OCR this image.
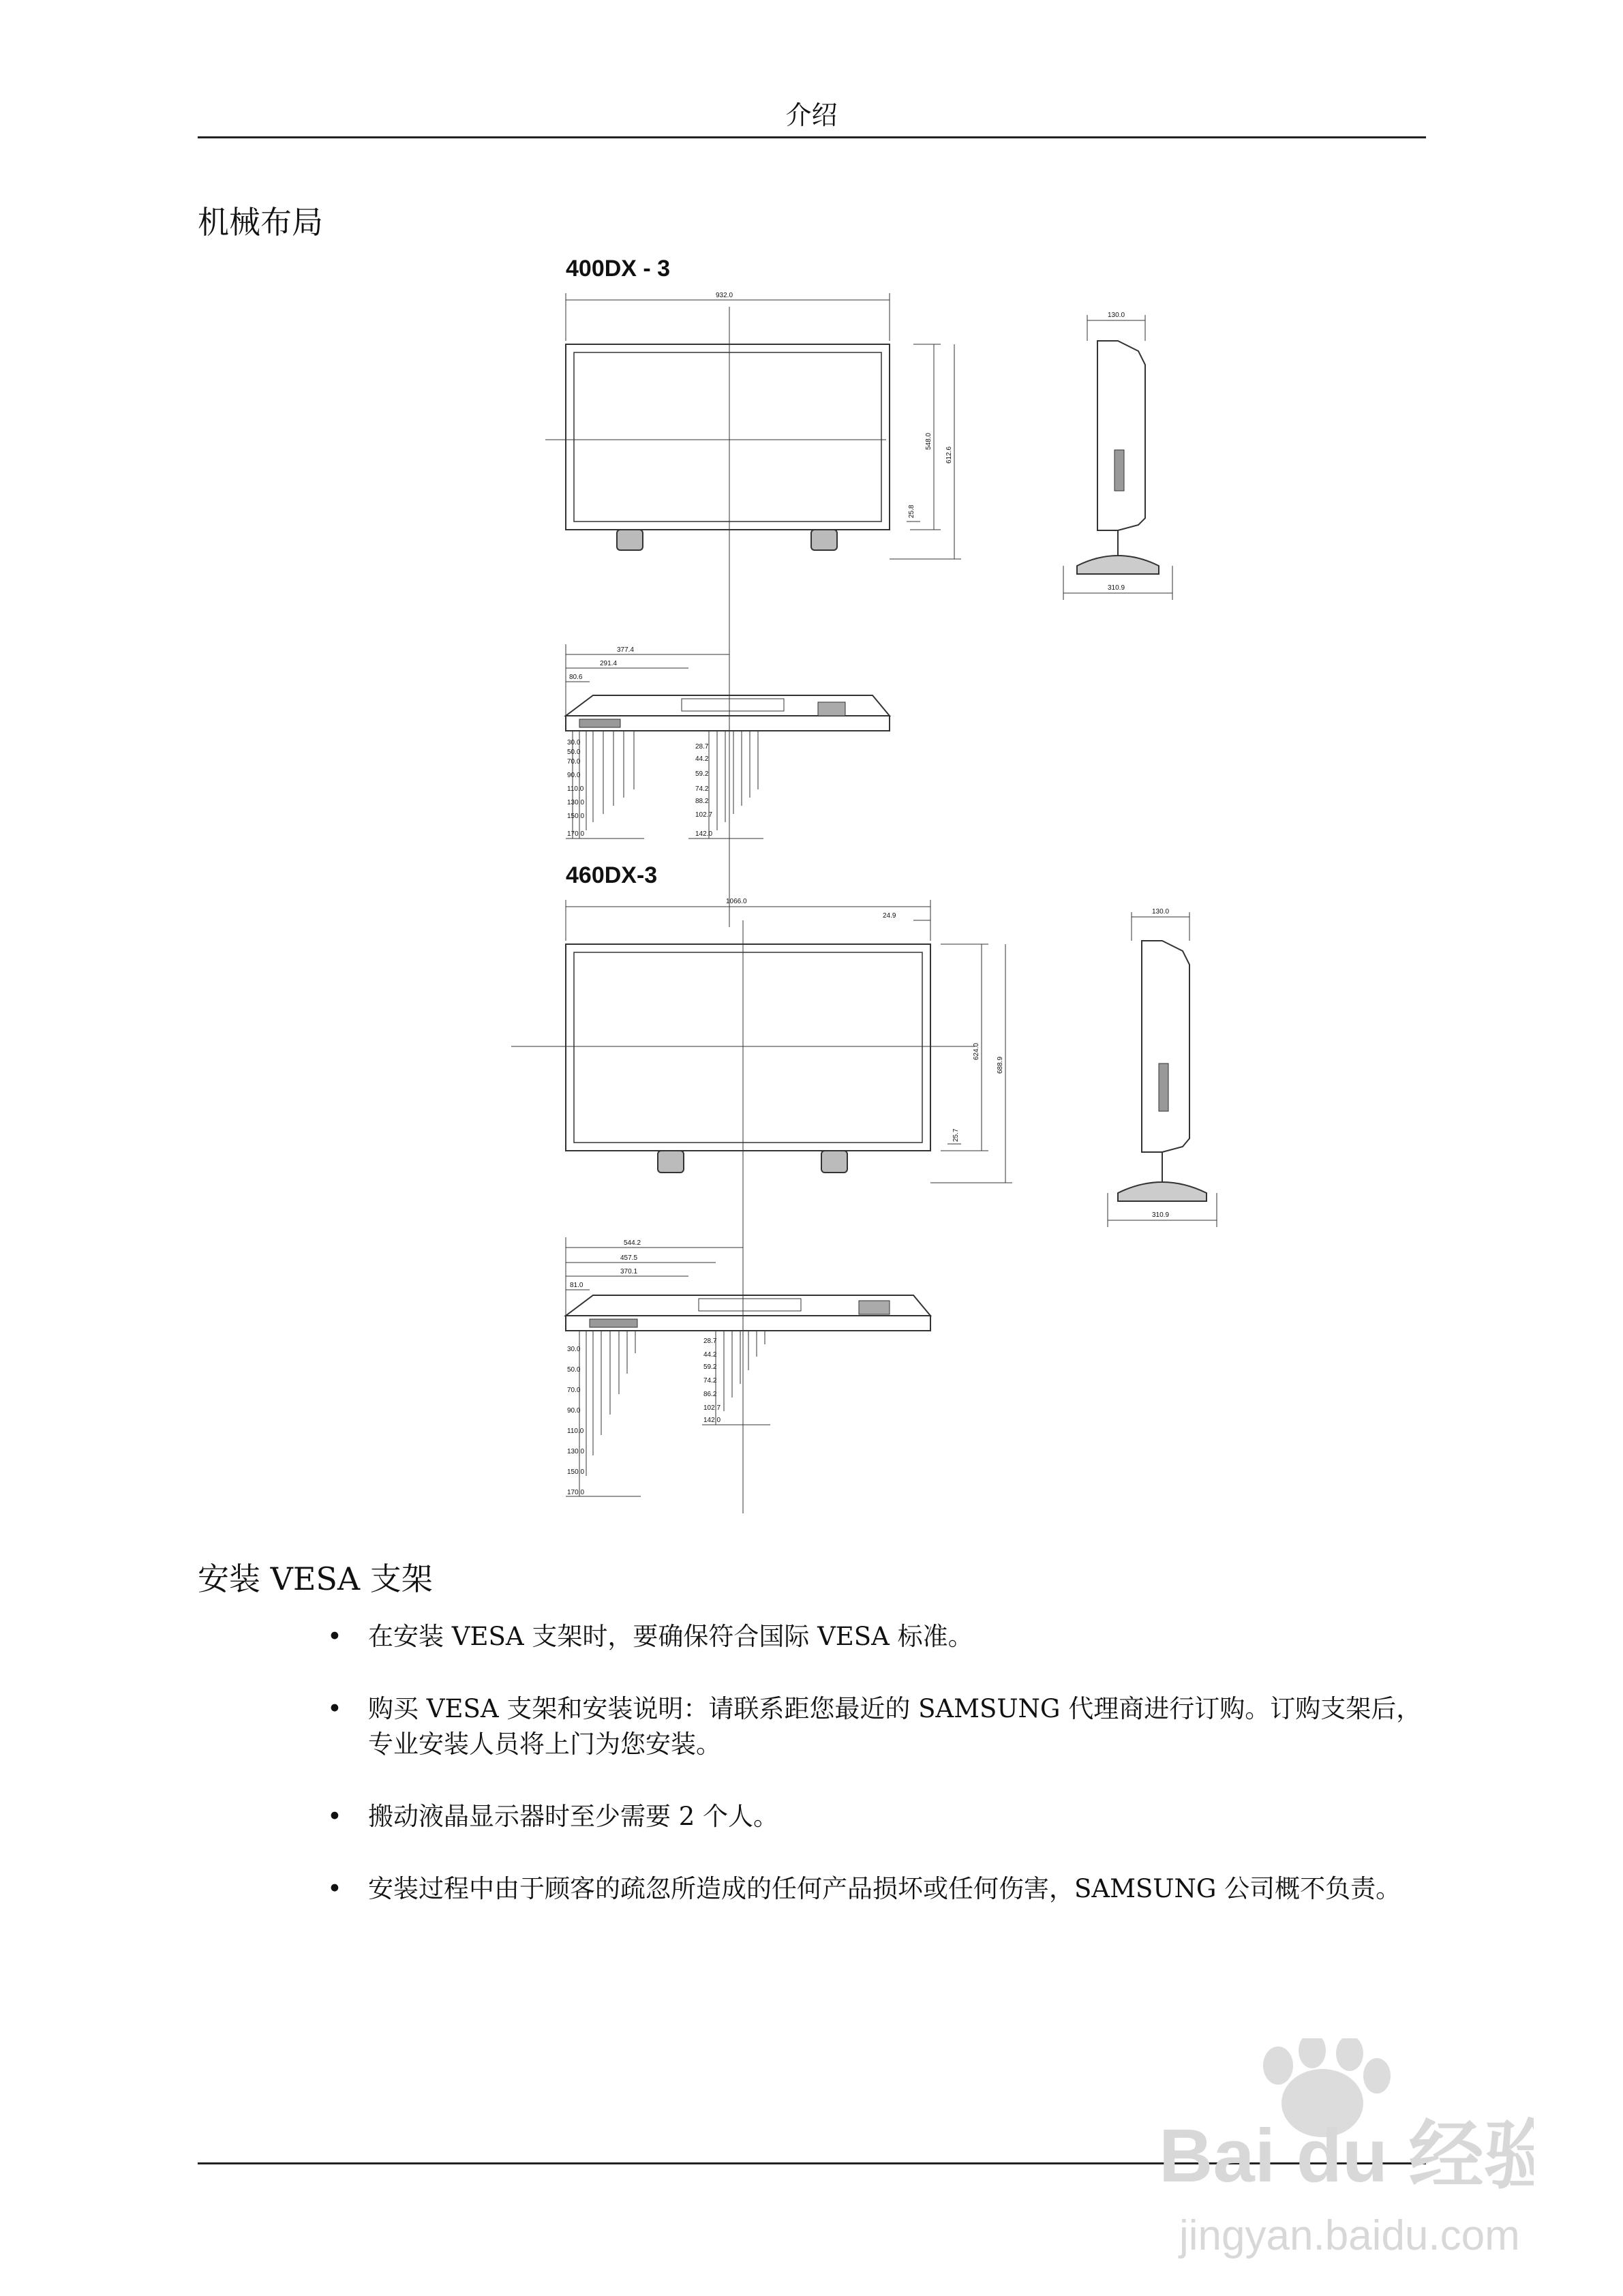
介绍
机械布局
400DX - 3
932.0
548.0
612.6
25.8
130.0
310.9
377.4
291.4
80.6
30.0
50.0
70.0
90.0
110.0
130.0
150.0
170.0
28.7
44.2
59.2
74.2
88.2
102.7
142.0
460DX-3
1066.0
24.9
624.0
688.9
25.7
130.0
310.9
544.2
457.5
370.1
81.0
30.0
50.0
70.0
90.0
110.0
130.0
150.0
170.0
28.7
44.2
59.2
74.2
86.2
102.7
142.0
安装 VESA 支架
• 在安装 VESA 支架时，要确保符合国际 VESA 标准。
• 购买 VESA 支架和安装说明：请联系距您最近的 SAMSUNG 代理商进行订购。订购支架后，专业安装人员将上门为您安装。
• 搬动液晶显示器时至少需要 2 个人。
• 安装过程中由于顾客的疏忽所造成的任何产品损坏或任何伤害，SAMSUNG 公司概不负责。
Bai du 经验
jingyan.baidu.com
